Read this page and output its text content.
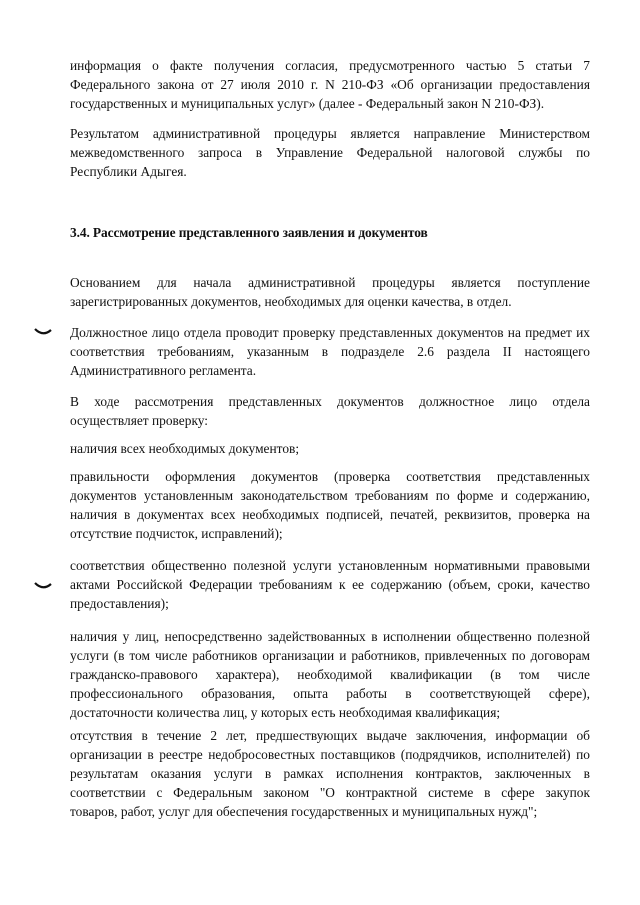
информация о факте получения согласия, предусмотренного частью 5 статьи 7
Федерального закона от 27 июля 2010 г. N 210-ФЗ «Об организации предоставления
государственных и муниципальных услуг» (далее - Федеральный закон N 210-ФЗ).
Результатом административной процедуры является направление Министерством
межведомственного запроса в Управление Федеральной налоговой службы по
Республики Адыгея.
3.4. Рассмотрение представленного заявления и документов
Основанием для начала административной процедуры является поступление
зарегистрированных документов, необходимых для оценки качества, в отдел.
Должностное лицо отдела проводит проверку представленных документов на предмет их
соответствия требованиям, указанным в подразделе 2.6 раздела II настоящего
Административного регламента.
В ходе рассмотрения представленных документов должностное лицо отдела
осуществляет проверку:
наличия всех необходимых документов;
правильности оформления документов (проверка соответствия представленных
документов установленным законодательством требованиям по форме и содержанию,
наличия в документах всех необходимых подписей, печатей, реквизитов, проверка на
отсутствие подчисток, исправлений);
соответствия общественно полезной услуги установленным нормативными правовыми
актами Российской Федерации требованиям к ее содержанию (объем, сроки, качество
предоставления);
наличия у лиц, непосредственно задействованных в исполнении общественно полезной
услуги (в том числе работников организации и работников, привлеченных по договорам
гражданско-правового характера), необходимой квалификации (в том числе
профессионального образования, опыта работы в соответствующей сфере),
достаточности количества лиц, у которых есть необходимая квалификация;
отсутствия в течение 2 лет, предшествующих выдаче заключения, информации об
организации в реестре недобросовестных поставщиков (подрядчиков, исполнителей) по
результатам оказания услуги в рамках исполнения контрактов, заключенных в
соответствии с Федеральным законом "О контрактной системе в сфере закупок
товаров, работ, услуг для обеспечения государственных и муниципальных нужд";
